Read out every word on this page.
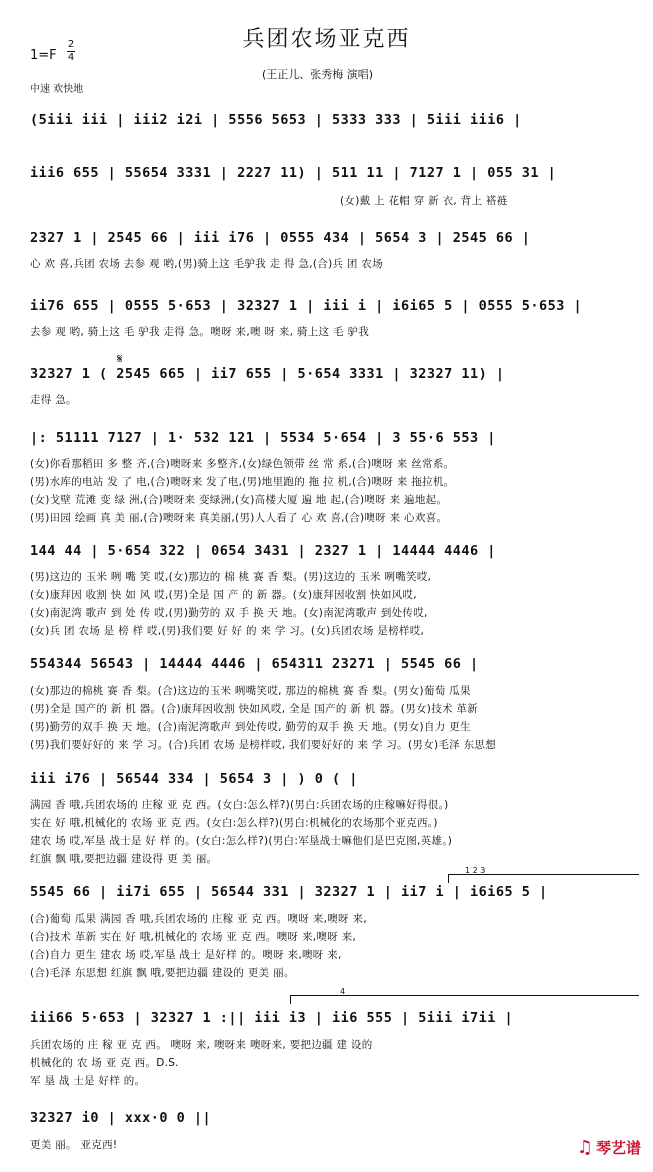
兵团农场亚克西
1=F
2
4
中速 欢快地
(王正儿、张秀梅 演唱)
(5iii iii | iii2 i2i | 5556 5653 | 5333 333 | 5iii iii6 |
iii6 655 | 55654 3331 | 2227 11) | 511 11 | 7127 1 | 055 31 |
(女)戴 上 花帽 穿 新 衣, 背上 褡裢
2327 1 | 2545 66 | iii i76 | 0555 434 | 5654 3 | 2545 66 |
心 欢 喜,兵团 农场 去参 观 哟,(男)骑上这 毛驴我 走 得 急,(合)兵 团 农场
ii76 655 | 0555 5·653 | 32327 1 | iii i | i6i65 5 | 0555 5·653 |
去参 观 哟, 骑上这 毛 驴我 走得 急。噢呀 来,噢 呀 来, 骑上这 毛 驴我
𝄋
32327 1 ( 2545 665 | ii7 655 | 5·654 3331 | 32327 11) |
走得 急。
|: 51111 7127 | 1· 532 121 | 5534 5·654 | 3 55·6 553 |
(女)你看那稻田 多 整 齐,(合)噢呀来 多整齐,(女)绿色领带 丝 常 系,(合)噢呀 来 丝常系。
(男)水库的电站 发 了 电,(合)噢呀来 发了电,(男)地里跑的 拖 拉 机,(合)噢呀 来 拖拉机。
(女)戈壁 荒滩 变 绿 洲,(合)噢呀来 变绿洲,(女)高楼大厦 遍 地 起,(合)噢呀 来 遍地起。
(男)田园 绘画 真 美 丽,(合)噢呀来 真美丽,(男)人人看了 心 欢 喜,(合)噢呀 来 心欢喜。
144 44 | 5·654 322 | 0654 3431 | 2327 1 | 14444 4446 |
(男)这边的 玉米 咧 嘴 笑 哎,(女)那边的 棉 桃 赛 香 梨。(男)这边的 玉米 咧嘴笑哎,
(女)康拜因 收割 快 如 风 哎,(男)全是 国 产 的 新 器。(女)康拜因收割 快如风哎,
(女)南泥湾 歌声 到 处 传 哎,(男)勤劳的 双 手 换 天 地。(女)南泥湾歌声 到处传哎,
(女)兵 团 农场 是 榜 样 哎,(男)我们要 好 好 的 来 学 习。(女)兵团农场 是榜样哎,
554344 56543 | 14444 4446 | 654311 23271 | 5545 66 |
(女)那边的棉桃 赛 香 梨。(合)这边的玉米 咧嘴笑哎, 那边的棉桃 赛 香 梨。(男女)葡萄 瓜果
(男)全是 国产的 新 机 器。(合)康拜因收割 快如风哎, 全是 国产的 新 机 器。(男女)技术 革新
(男)勤劳的双手 换 天 地。(合)南泥湾歌声 到处传哎, 勤劳的双手 换 天 地。(男女)自力 更生
(男)我们要好好的 来 学 习。(合)兵团 农场 是榜样哎, 我们要好好的 来 学 习。(男女)毛泽 东思想
iii i76 | 56544 334 | 5654 3 | ) 0 ( |
满园 香 哦,兵团农场的 庄稼 亚 克 西。(女白:怎么样?)(男白:兵团农场的庄稼嘛好得很。)
实在 好 哦,机械化的 农场 亚 克 西。(女白:怎么样?)(男白:机械化的农场那个亚克西。)
建农 场 哎,军垦 战士是 好 样 的。(女白:怎么样?)(男白:军垦战士嘛他们是巴克图,英雄。)
红旗 飘 哦,要把边疆 建设得 更 美 丽。
1 2 3
5545 66 | ii7i 655 | 56544 331 | 32327 1 | ii7 i | i6i65 5 |
(合)葡萄 瓜果 满园 香 哦,兵团农场的 庄稼 亚 克 西。噢呀 来,噢呀 来,
(合)技术 革新 实在 好 哦,机械化的 农场 亚 克 西。噢呀 来,噢呀 来,
(合)自力 更生 建农 场 哎,军垦 战士 是好样 的。噢呀 来,噢呀 来,
(合)毛泽 东思想 红旗 飘 哦,要把边疆 建设的 更美 丽。
4
iii66 5·653 | 32327 1 :|| iii i3 | ii6 555 | 5iii i7ii |
兵团农场的 庄 稼 亚 克 西。 噢呀 来, 噢呀来 噢呀来, 要把边疆 建 设的
机械化的 农 场 亚 克 西。D.S.
军 垦 战 士是 好样 的。
32327 i0 | xxx·0 0 ||
更美 丽。 亚克西!	♫ 琴艺谱
